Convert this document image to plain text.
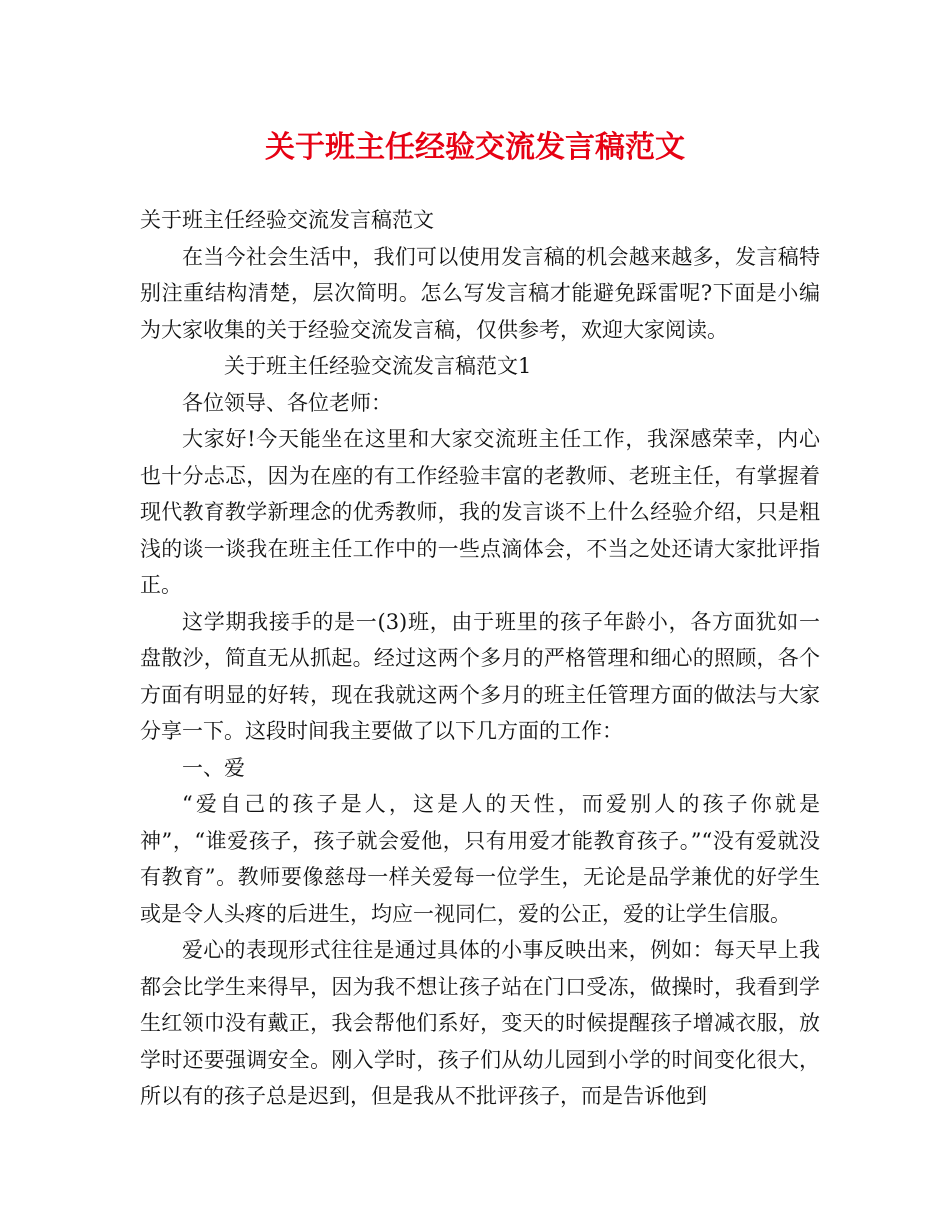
关于班主任经验交流发言稿范文

关于班主任经验交流发言稿范文

在当今社会生活中，我们可以使用发言稿的机会越来越多，发言稿特别注重结构清楚，层次简明。怎么写发言稿才能避免踩雷呢?下面是小编为大家收集的关于经验交流发言稿，仅供参考，欢迎大家阅读。

关于班主任经验交流发言稿范文1

各位领导、各位老师：

大家好!今天能坐在这里和大家交流班主任工作，我深感荣幸，内心也十分忐忑，因为在座的有工作经验丰富的老教师、老班主任，有掌握着现代教育教学新理念的优秀教师，我的发言谈不上什么经验介绍，只是粗浅的谈一谈我在班主任工作中的一些点滴体会，不当之处还请大家批评指正。

这学期我接手的是一(3)班，由于班里的孩子年龄小，各方面犹如一盘散沙，简直无从抓起。经过这两个多月的严格管理和细心的照顾，各个方面有明显的好转，现在我就这两个多月的班主任管理方面的做法与大家分享一下。这段时间我主要做了以下几方面的工作：

一、爱

“爱自己的孩子是人，这是人的天性，而爱别人的孩子你就是神”，“谁爱孩子，孩子就会爱他，只有用爱才能教育孩子。”“没有爱就没有教育”。教师要像慈母一样关爱每一位学生，无论是品学兼优的好学生或是令人头疼的后进生，均应一视同仁，爱的公正，爱的让学生信服。

爱心的表现形式往往是通过具体的小事反映出来，例如：每天早上我都会比学生来得早，因为我不想让孩子站在门口受冻，做操时，我看到学生红领巾没有戴正，我会帮他们系好，变天的时候提醒孩子增减衣服，放学时还要强调安全。刚入学时，孩子们从幼儿园到小学的时间变化很大，所以有的孩子总是迟到，但是我从不批评孩子，而是告诉他到
